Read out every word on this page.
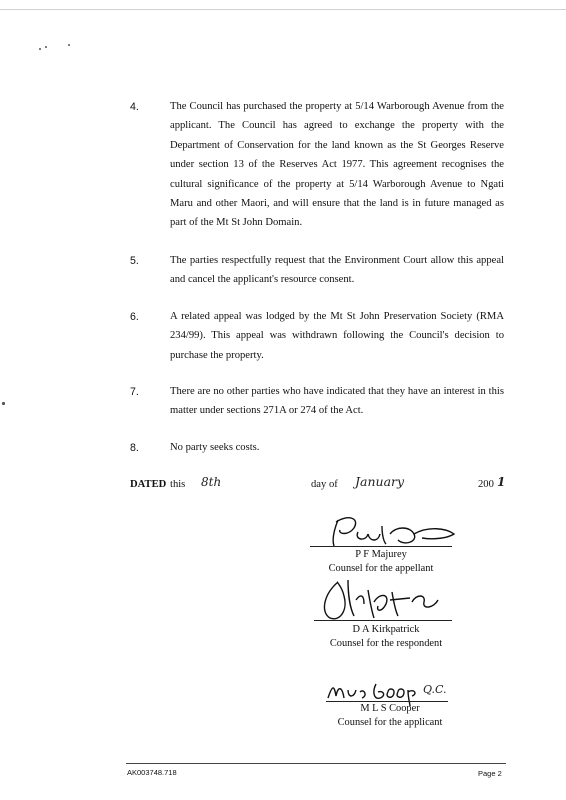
4.	The Council has purchased the property at 5/14 Warborough Avenue from the applicant. The Council has agreed to exchange the property with the Department of Conservation for the land known as the St Georges Reserve under section 13 of the Reserves Act 1977. This agreement recognises the cultural significance of the property at 5/14 Warborough Avenue to Ngati Maru and other Maori, and will ensure that the land is in future managed as part of the Mt St John Domain.

5.	The parties respectfully request that the Environment Court allow this appeal and cancel the applicant's resource consent.

6.	A related appeal was lodged by the Mt St John Preservation Society (RMA 234/99). This appeal was withdrawn following the Council's decision to purchase the property.

7.	There are no other parties who have indicated that they have an interest in this matter under sections 271A or 274 of the Act.

8.	No party seeks costs.

DATED this 8th	day of January	200 1
P F Majurey
Counsel for the appellant
D A Kirkpatrick
Counsel for the respondent
Q.C.
M L S Cooper
Counsel for the applicant
AK003748.718	Page 2
